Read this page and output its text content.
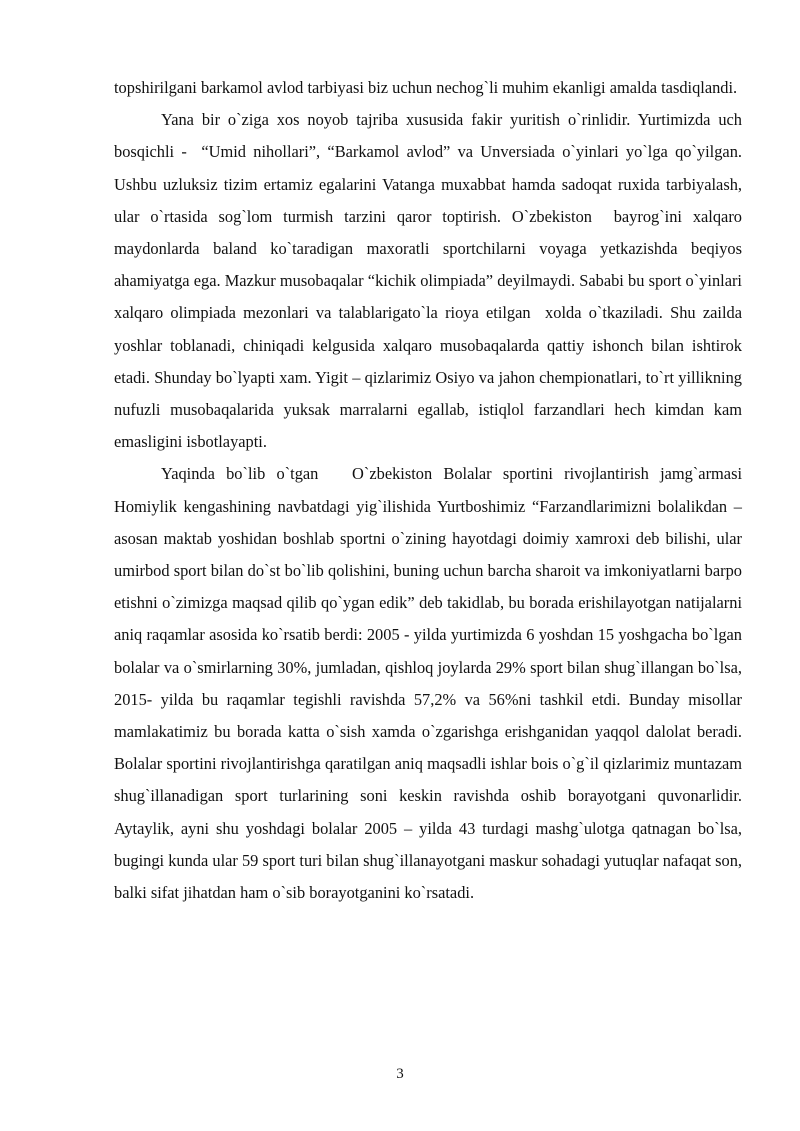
topshirilgani barkamol avlod tarbiyasi biz uchun nechog`li muhim ekanligi amalda tasdiqlandi.

Yana bir o`ziga xos noyob tajriba xususida fakir yuritish o`rinlidir. Yurtimizda uch bosqichli -  “Umid nihollari”, “Barkamol avlod” va Unversiada o`yinlari yo`lga qo`yilgan. Ushbu uzluksiz tizim ertamiz egalarini Vatanga muxabbat hamda sadoqat ruxida tarbiyalash, ular o`rtasida sog`lom turmish tarzini qaror toptirish. O`zbekiston  bayrog`ini xalqaro maydonlarda baland ko`taradigan maxoratli sportchilarni voyaga yetkazishda beqiyos ahamiyatga ega. Mazkur musobaqalar “kichik olimpiada” deyilmaydi. Sababi bu sport o`yinlari xalqaro olimpiada mezonlari va talablarigato`la rioya etilgan  xolda o`tkaziladi. Shu zailda yoshlar toblanadi, chiniqadi kelgusida xalqaro musobaqalarda qattiy ishonch bilan ishtirok etadi. Shunday bo`lyapti xam. Yigit – qizlarimiz Osiyo va jahon chempionatlari, to`rt yillikning nufuzli musobaqalarida yuksak marralarni egallab, istiqlol farzandlari hech kimdan kam emasligini isbotlayapti.

Yaqinda bo`lib o`tgan   O`zbekiston Bolalar sportini rivojlantirish jamg`armasi Homiylik kengashining navbatdagi yig`ilishida Yurtboshimiz “Farzandlarimizni bolalikdan – asosan maktab yoshidan boshlab sportni o`zining hayotdagi doimiy xamroxi deb bilishi, ular umirbod sport bilan do`st bo`lib qolishini, buning uchun barcha sharoit va imkoniyatlarni barpo etishni o`zimizga maqsad qilib qo`ygan edik” deb takidlab, bu borada erishilayotgan natijalarni aniq raqamlar asosida ko`rsatib berdi: 2005 - yilda yurtimizda 6 yoshdan 15 yoshgacha bo`lgan bolalar va o`smirlarning 30%, jumladan, qishloq joylarda 29% sport bilan shug`illangan bo`lsa, 2015- yilda bu raqamlar tegishli ravishda 57,2% va 56%ni tashkil etdi. Bunday misollar mamlakatimiz bu borada katta o`sish xamda o`zgarishga erishganidan yaqqol dalolat beradi. Bolalar sportini rivojlantirishga qaratilgan aniq maqsadli ishlar bois o`g`il qizlarimiz muntazam shug`illanadigan sport turlarining soni keskin ravishda oshib borayotgani quvonarlidir. Aytaylik, ayni shu yoshdagi bolalar 2005 – yilda 43 turdagi mashg`ulotga qatnagan bo`lsa, bugingi kunda ular 59 sport turi bilan shug`illanayotgani maskur sohadagi yutuqlar nafaqat son, balki sifat jihatdan ham o`sib borayotganini ko`rsatadi.

3
